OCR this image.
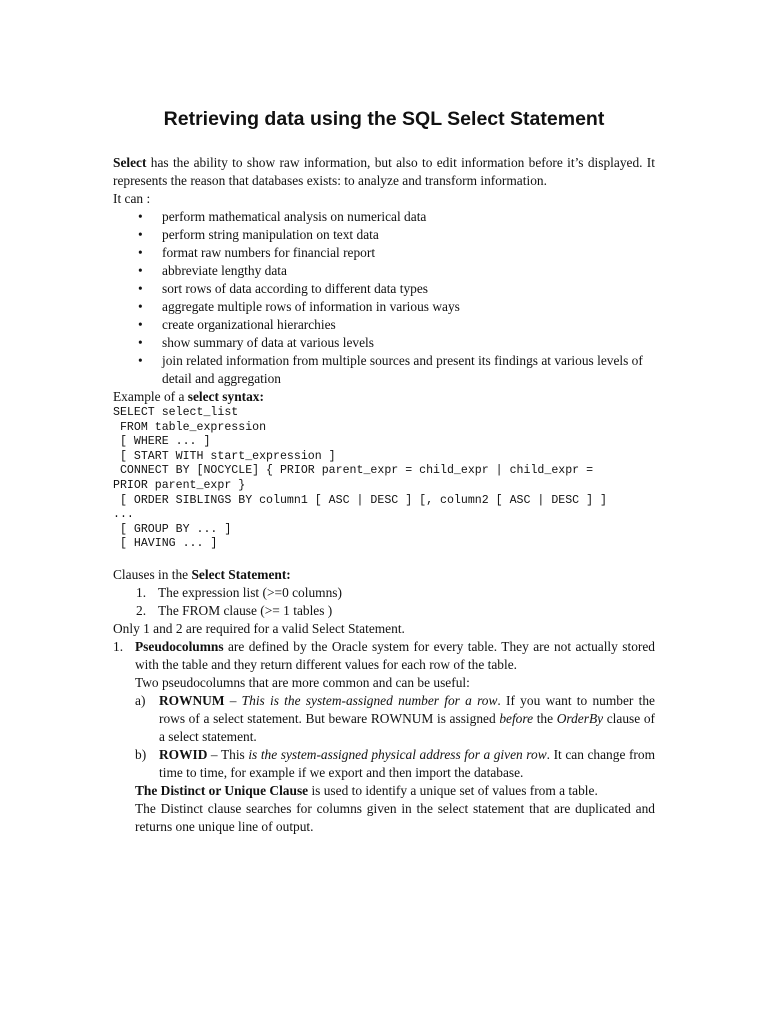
Retrieving data using the SQL Select Statement

Select has the ability to show raw information, but also to edit information before it’s displayed. It represents the reason that databases exists: to analyze and transform information.

It can :

• perform mathematical analysis on numerical data
• perform string manipulation on text data
• format raw numbers for financial report
• abbreviate lengthy data
• sort rows of data according to different data types
• aggregate multiple rows of information in various ways
• create organizational hierarchies
• show summary of data at various levels
• join related information from multiple sources and present its findings at various levels of detail and aggregation

Example of a select syntax:

SELECT select_list
FROM table_expression
[ WHERE ... ]
[ START WITH start_expression ]
CONNECT BY [NOCYCLE] { PRIOR parent_expr = child_expr | child_expr =
PRIOR parent_expr }
[ ORDER SIBLINGS BY column1 [ ASC | DESC ] [, column2 [ ASC | DESC ] ]
...
[ GROUP BY ... ]
[ HAVING ... ]

Clauses in the Select Statement:

1. The expression list (>=0 columns)
2. The FROM clause (>= 1 tables )

Only 1 and 2 are required for a valid Select Statement.

1. Pseudocolumns are defined by the Oracle system for every table. They are not actually stored with the table and they return different values for each row of the table.

Two pseudocolumns that are more common and can be useful:

a) ROWNUM – This is the system-assigned number for a row. If you want to number the rows of a select statement. But beware ROWNUM is assigned before the OrderBy clause of a select statement.

b) ROWID – This is the system-assigned physical address for a given row. It can change from time to time, for example if we export and then import the database.

The Distinct or Unique Clause is used to identify a unique set of values from a table.

The Distinct clause searches for columns given in the select statement that are duplicated and returns one unique line of output.
